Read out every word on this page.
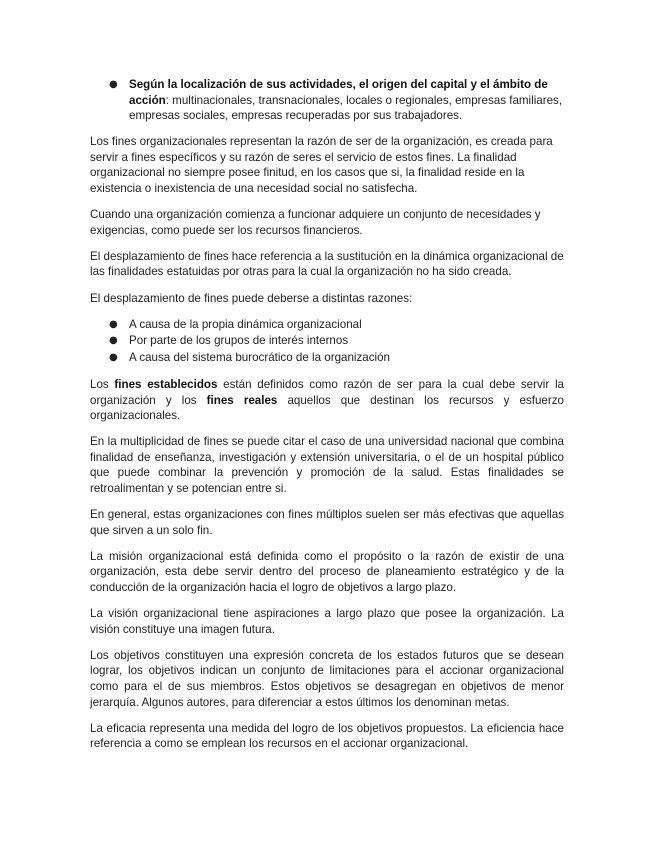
● Según la localización de sus actividades, el origen del capital y el ámbito de acción: multinacionales, transnacionales, locales o regionales, empresas familiares, empresas sociales, empresas recuperadas por sus trabajadores.

Los fines organizacionales representan la razón de ser de la organización, es creada para servir a fines específicos y su razón de seres el servicio de estos fines. La finalidad organizacional no siempre posee finitud, en los casos que si, la finalidad reside en la existencia o inexistencia de una necesidad social no satisfecha.

Cuando una organización comienza a funcionar adquiere un conjunto de necesidades y exigencias, como puede ser los recursos financieros.

El desplazamiento de fines hace referencia a la sustitución en la dinámica organizacional de las finalidades estatuidas por otras para la cual la organización no ha sido creada.

El desplazamiento de fines puede deberse a distintas razones:

● A causa de la propia dinámica organizacional
● Por parte de los grupos de interés internos
● A causa del sistema burocrático de la organización

Los fines establecidos están definidos como razón de ser para la cual debe servir la organización y los fines reales aquellos que destinan los recursos y esfuerzo organizacionales.

En la multiplicidad de fines se puede citar el caso de una universidad nacional que combina finalidad de enseñanza, investigación y extensión universitaria, o el de un hospital público que puede combinar la prevención y promoción de la salud. Estas finalidades se retroalimentan y se potencian entre si.

En general, estas organizaciones con fines múltiplos suelen ser más efectivas que aquellas que sirven a un solo fin.

La misión organizacional está definida como el propósito o la razón de existir de una organización, esta debe servir dentro del proceso de planeamiento estratégico y de la conducción de la organización hacia el logro de objetivos a largo plazo.

La visión organizacional tiene aspiraciones a largo plazo que posee la organización. La visión constituye una imagen futura.

Los objetivos constituyen una expresión concreta de los estados futuros que se desean lograr, los objetivos indican un conjunto de limitaciones para el accionar organizacional como para el de sus miembros. Estos objetivos se desagregan en objetivos de menor jerarquía. Algunos autores, para diferenciar a estos últimos los denominan metas.

La eficacia representa una medida del logro de los objetivos propuestos. La eficiencia hace referencia a como se emplean los recursos en el accionar organizacional.
